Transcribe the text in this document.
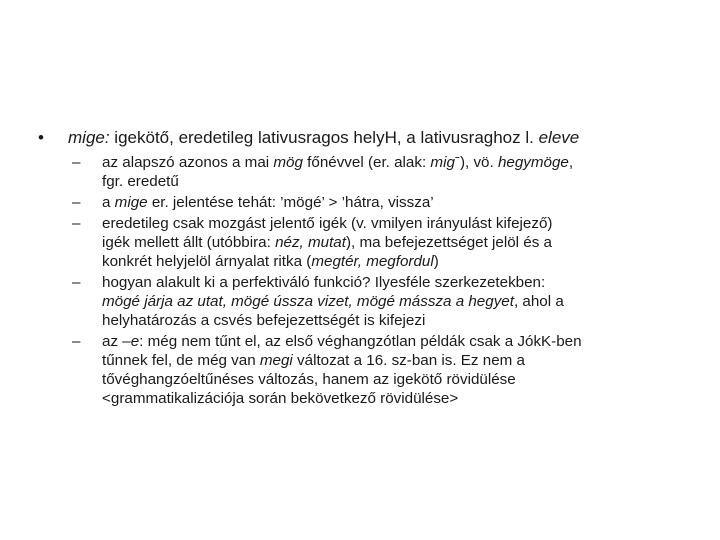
• mige: igekötő, eredetileg lativusragos helyH, a lativusraghoz l. eleve
– az alapszó azonos a mai mög főnévvel (er. alak: migˉ), vö. hegymöge,
fgr. eredetű
– a mige er. jelentése tehát: ’mögé’ > ’hátra, vissza’
– eredetileg csak mozgást jelentő igék (v. vmilyen irányulást kifejező)
igék mellett állt (utóbbira: néz, mutat), ma befejezettséget jelöl és a
konkrét helyjelöl árnyalat ritka (megtér, megfordul)
– hogyan alakult ki a perfektiváló funkció? Ilyesféle szerkezetekben:
mögé járja az utat, mögé ússza vizet, mögé mássza a hegyet, ahol a
helyhatározás a csvés befejezettségét is kifejezi
– az –e: még nem tűnt el, az első véghangzótlan példák csak a JókK-ben
tűnnek fel, de még van megi változat a 16. sz-ban is. Ez nem a
tővéghangzóeltűnéses változás, hanem az igekötő rövidülése
<grammatikalizációja során bekövetkező rövidülése>
